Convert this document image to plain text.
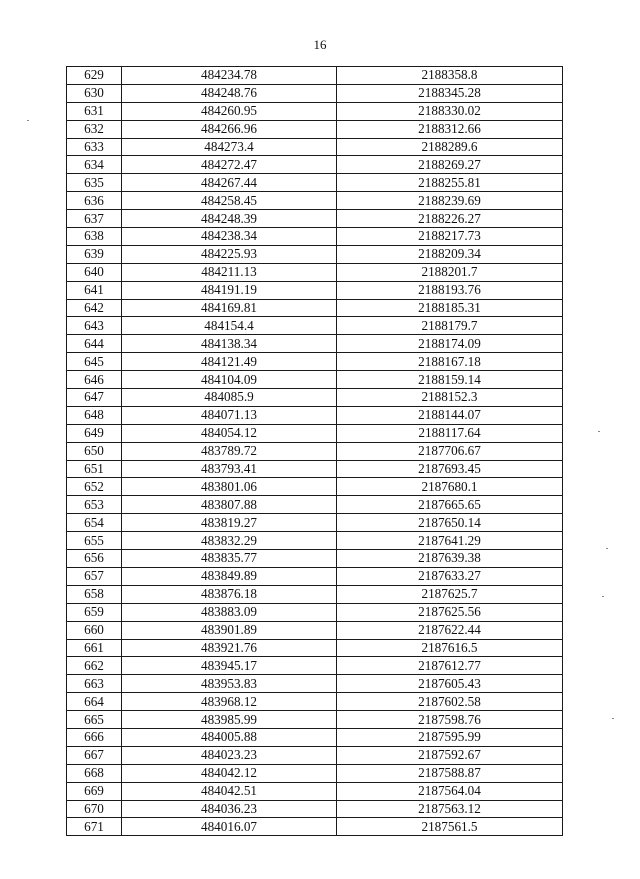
16
629	484234.78	2188358.8
630	484248.76	2188345.28
631	484260.95	2188330.02
632	484266.96	2188312.66
633	484273.4	2188289.6
634	484272.47	2188269.27
635	484267.44	2188255.81
636	484258.45	2188239.69
637	484248.39	2188226.27
638	484238.34	2188217.73
639	484225.93	2188209.34
640	484211.13	2188201.7
641	484191.19	2188193.76
642	484169.81	2188185.31
643	484154.4	2188179.7
644	484138.34	2188174.09
645	484121.49	2188167.18
646	484104.09	2188159.14
647	484085.9	2188152.3
648	484071.13	2188144.07
649	484054.12	2188117.64
650	483789.72	2187706.67
651	483793.41	2187693.45
652	483801.06	2187680.1
653	483807.88	2187665.65
654	483819.27	2187650.14
655	483832.29	2187641.29
656	483835.77	2187639.38
657	483849.89	2187633.27
658	483876.18	2187625.7
659	483883.09	2187625.56
660	483901.89	2187622.44
661	483921.76	2187616.5
662	483945.17	2187612.77
663	483953.83	2187605.43
664	483968.12	2187602.58
665	483985.99	2187598.76
666	484005.88	2187595.99
667	484023.23	2187592.67
668	484042.12	2187588.87
669	484042.51	2187564.04
670	484036.23	2187563.12
671	484016.07	2187561.5
